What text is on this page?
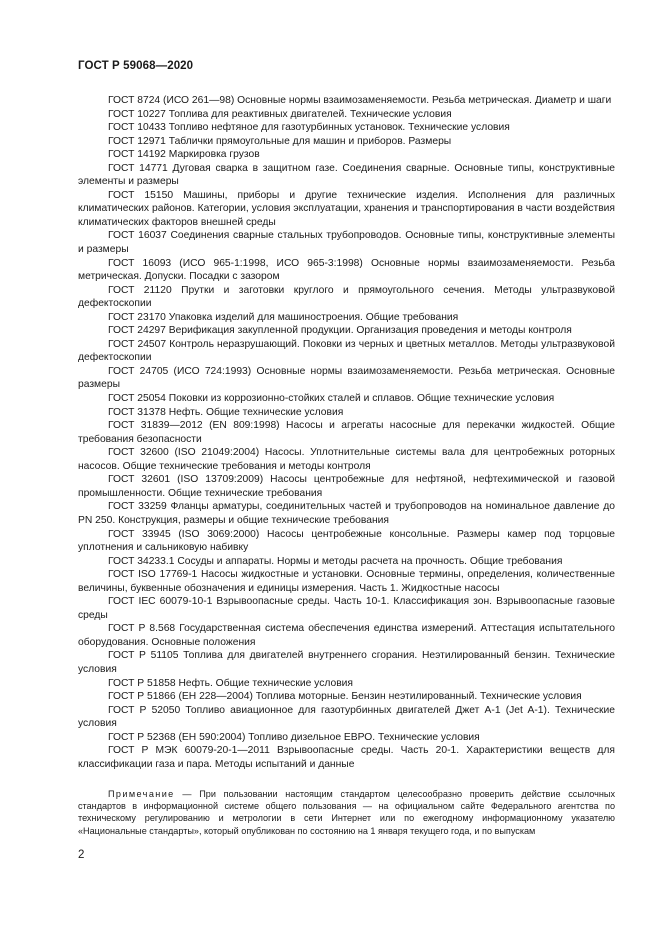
ГОСТ Р 59068—2020

ГОСТ 8724 (ИСО 261—98) Основные нормы взаимозаменяемости. Резьба метрическая. Диаметр и шаги

ГОСТ 10227 Топлива для реактивных двигателей. Технические условия

ГОСТ 10433 Топливо нефтяное для газотурбинных установок. Технические условия

ГОСТ 12971 Таблички прямоугольные для машин и приборов. Размеры

ГОСТ 14192 Маркировка грузов

ГОСТ 14771 Дуговая сварка в защитном газе. Соединения сварные. Основные типы, конструктивные элементы и размеры

ГОСТ 15150 Машины, приборы и другие технические изделия. Исполнения для различных климатических районов. Категории, условия эксплуатации, хранения и транспортирования в части воздействия климатических факторов внешней среды

ГОСТ 16037 Соединения сварные стальных трубопроводов. Основные типы, конструктивные элементы и размеры

ГОСТ 16093 (ИСО 965-1:1998, ИСО 965-3:1998) Основные нормы взаимозаменяемости. Резьба метрическая. Допуски. Посадки с зазором

ГОСТ 21120 Прутки и заготовки круглого и прямоугольного сечения. Методы ультразвуковой дефектоскопии

ГОСТ 23170 Упаковка изделий для машиностроения. Общие требования

ГОСТ 24297 Верификация закупленной продукции. Организация проведения и методы контроля

ГОСТ 24507 Контроль неразрушающий. Поковки из черных и цветных металлов. Методы ультразвуковой дефектоскопии

ГОСТ 24705 (ИСО 724:1993) Основные нормы взаимозаменяемости. Резьба метрическая. Основные размеры

ГОСТ 25054 Поковки из коррозионно-стойких сталей и сплавов. Общие технические условия

ГОСТ 31378 Нефть. Общие технические условия

ГОСТ 31839—2012 (EN 809:1998) Насосы и агрегаты насосные для перекачки жидкостей. Общие требования безопасности

ГОСТ 32600 (ISO 21049:2004) Насосы. Уплотнительные системы вала для центробежных роторных насосов. Общие технические требования и методы контроля

ГОСТ 32601 (ISO 13709:2009) Насосы центробежные для нефтяной, нефтехимической и газовой промышленности. Общие технические требования

ГОСТ 33259 Фланцы арматуры, соединительных частей и трубопроводов на номинальное давление до PN 250. Конструкция, размеры и общие технические требования

ГОСТ 33945 (ISO 3069:2000) Насосы центробежные консольные. Размеры камер под торцовые уплотнения и сальниковую набивку

ГОСТ 34233.1 Сосуды и аппараты. Нормы и методы расчета на прочность. Общие требования

ГОСТ ISO 17769-1 Насосы жидкостные и установки. Основные термины, определения, количественные величины, буквенные обозначения и единицы измерения. Часть 1. Жидкостные насосы

ГОСТ IEC 60079-10-1 Взрывоопасные среды. Часть 10-1. Классификация зон. Взрывоопасные газовые среды

ГОСТ Р 8.568 Государственная система обеспечения единства измерений. Аттестация испытательного оборудования. Основные положения

ГОСТ Р 51105 Топлива для двигателей внутреннего сгорания. Неэтилированный бензин. Технические условия

ГОСТ Р 51858 Нефть. Общие технические условия

ГОСТ Р 51866 (ЕН 228—2004) Топлива моторные. Бензин неэтилированный. Технические условия

ГОСТ Р 52050 Топливо авиационное для газотурбинных двигателей Джет А-1 (Jet A-1). Технические условия

ГОСТ Р 52368 (ЕН 590:2004) Топливо дизельное ЕВРО. Технические условия

ГОСТ Р МЭК 60079-20-1—2011 Взрывоопасные среды. Часть 20-1. Характеристики веществ для классификации газа и пара. Методы испытаний и данные

Примечание — При пользовании настоящим стандартом целесообразно проверить действие ссылочных стандартов в информационной системе общего пользования — на официальном сайте Федерального агентства по техническому регулированию и метрологии в сети Интернет или по ежегодному информационному указателю «Национальные стандарты», который опубликован по состоянию на 1 января текущего года, и по выпускам
2
